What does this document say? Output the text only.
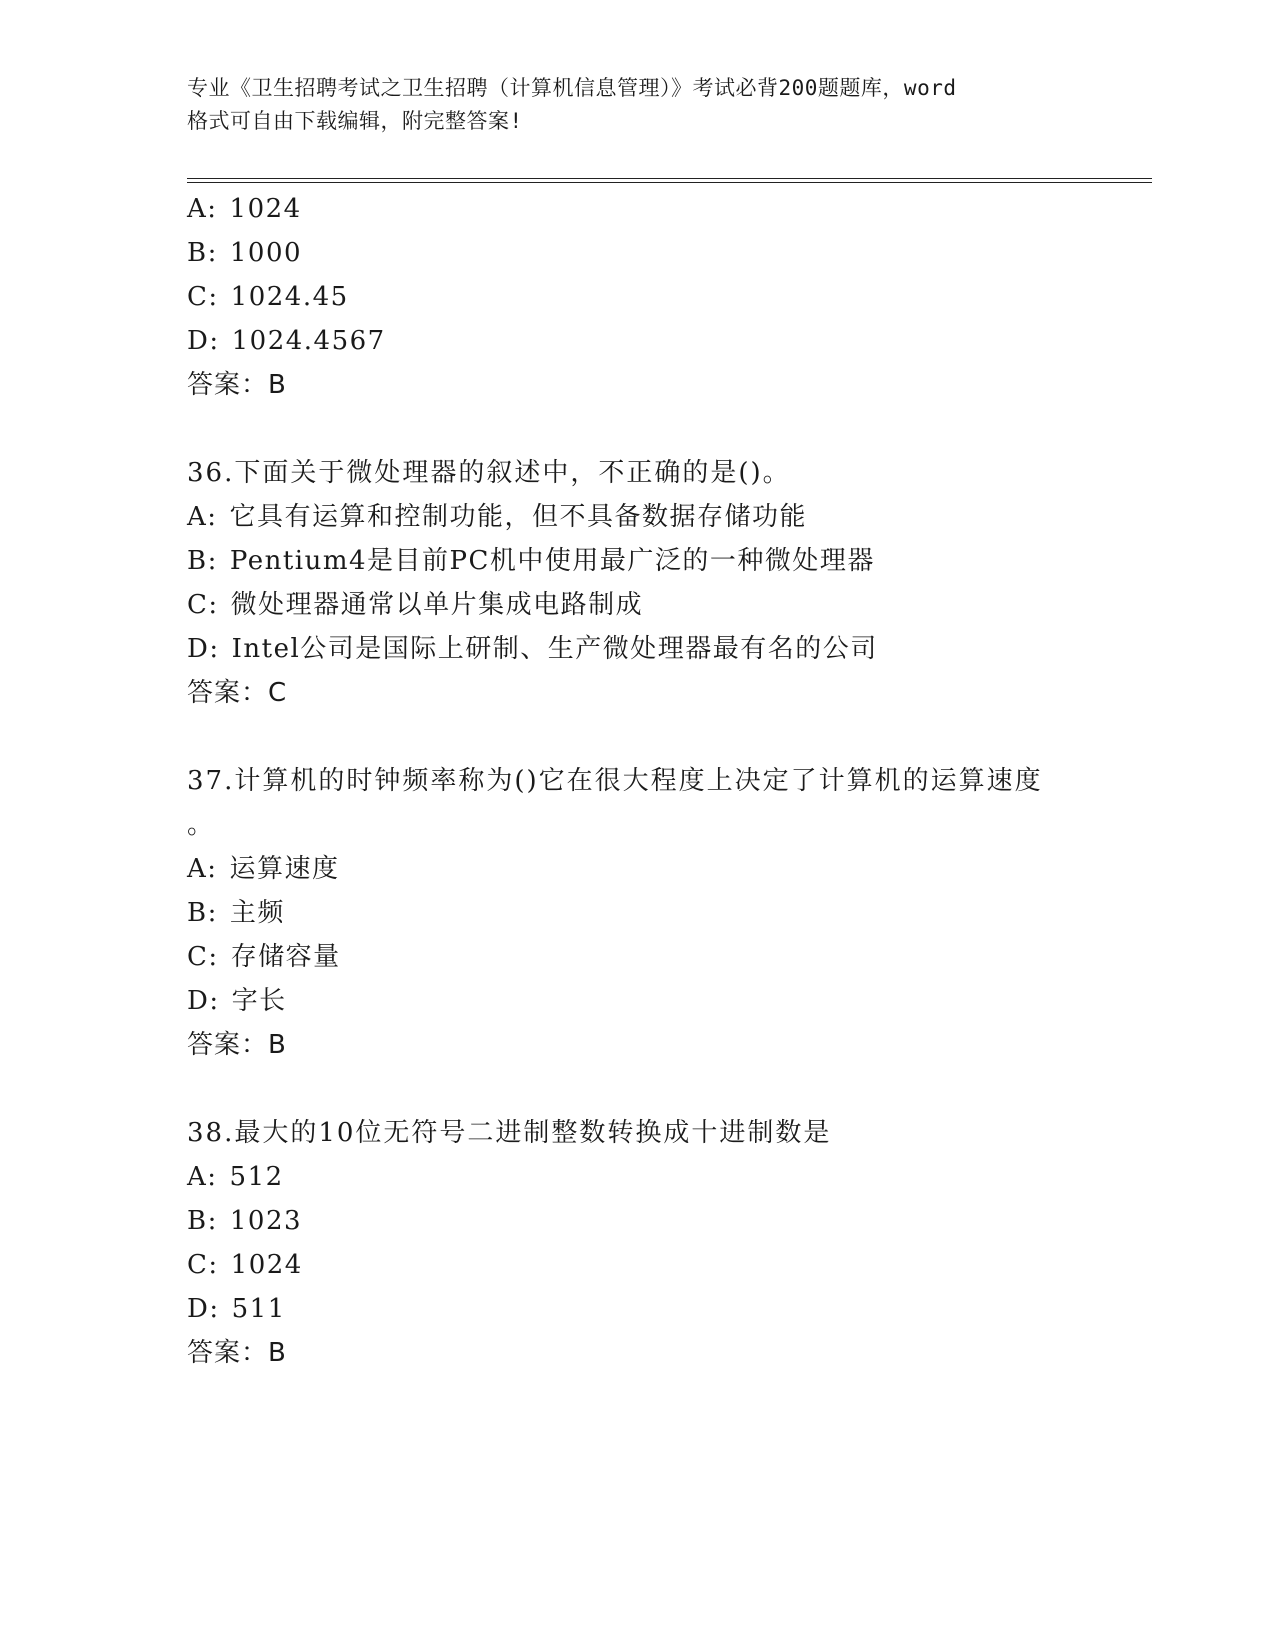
专业《卫生招聘考试之卫生招聘（计算机信息管理）》考试必背200题题库，word
格式可自由下载编辑，附完整答案!
A: 1024
B: 1000
C: 1024.45
D: 1024.4567
答案：B
36.下面关于微处理器的叙述中，不正确的是()。
A: 它具有运算和控制功能，但不具备数据存储功能
B: Pentium4是目前PC机中使用最广泛的一种微处理器
C: 微处理器通常以单片集成电路制成
D: Intel公司是国际上研制、生产微处理器最有名的公司
答案：C
37.计算机的时钟频率称为()它在很大程度上决定了计算机的运算速度
。
A: 运算速度
B: 主频
C: 存储容量
D: 字长
答案：B
38.最大的10位无符号二进制整数转换成十进制数是
A: 512
B: 1023
C: 1024
D: 511
答案：B
